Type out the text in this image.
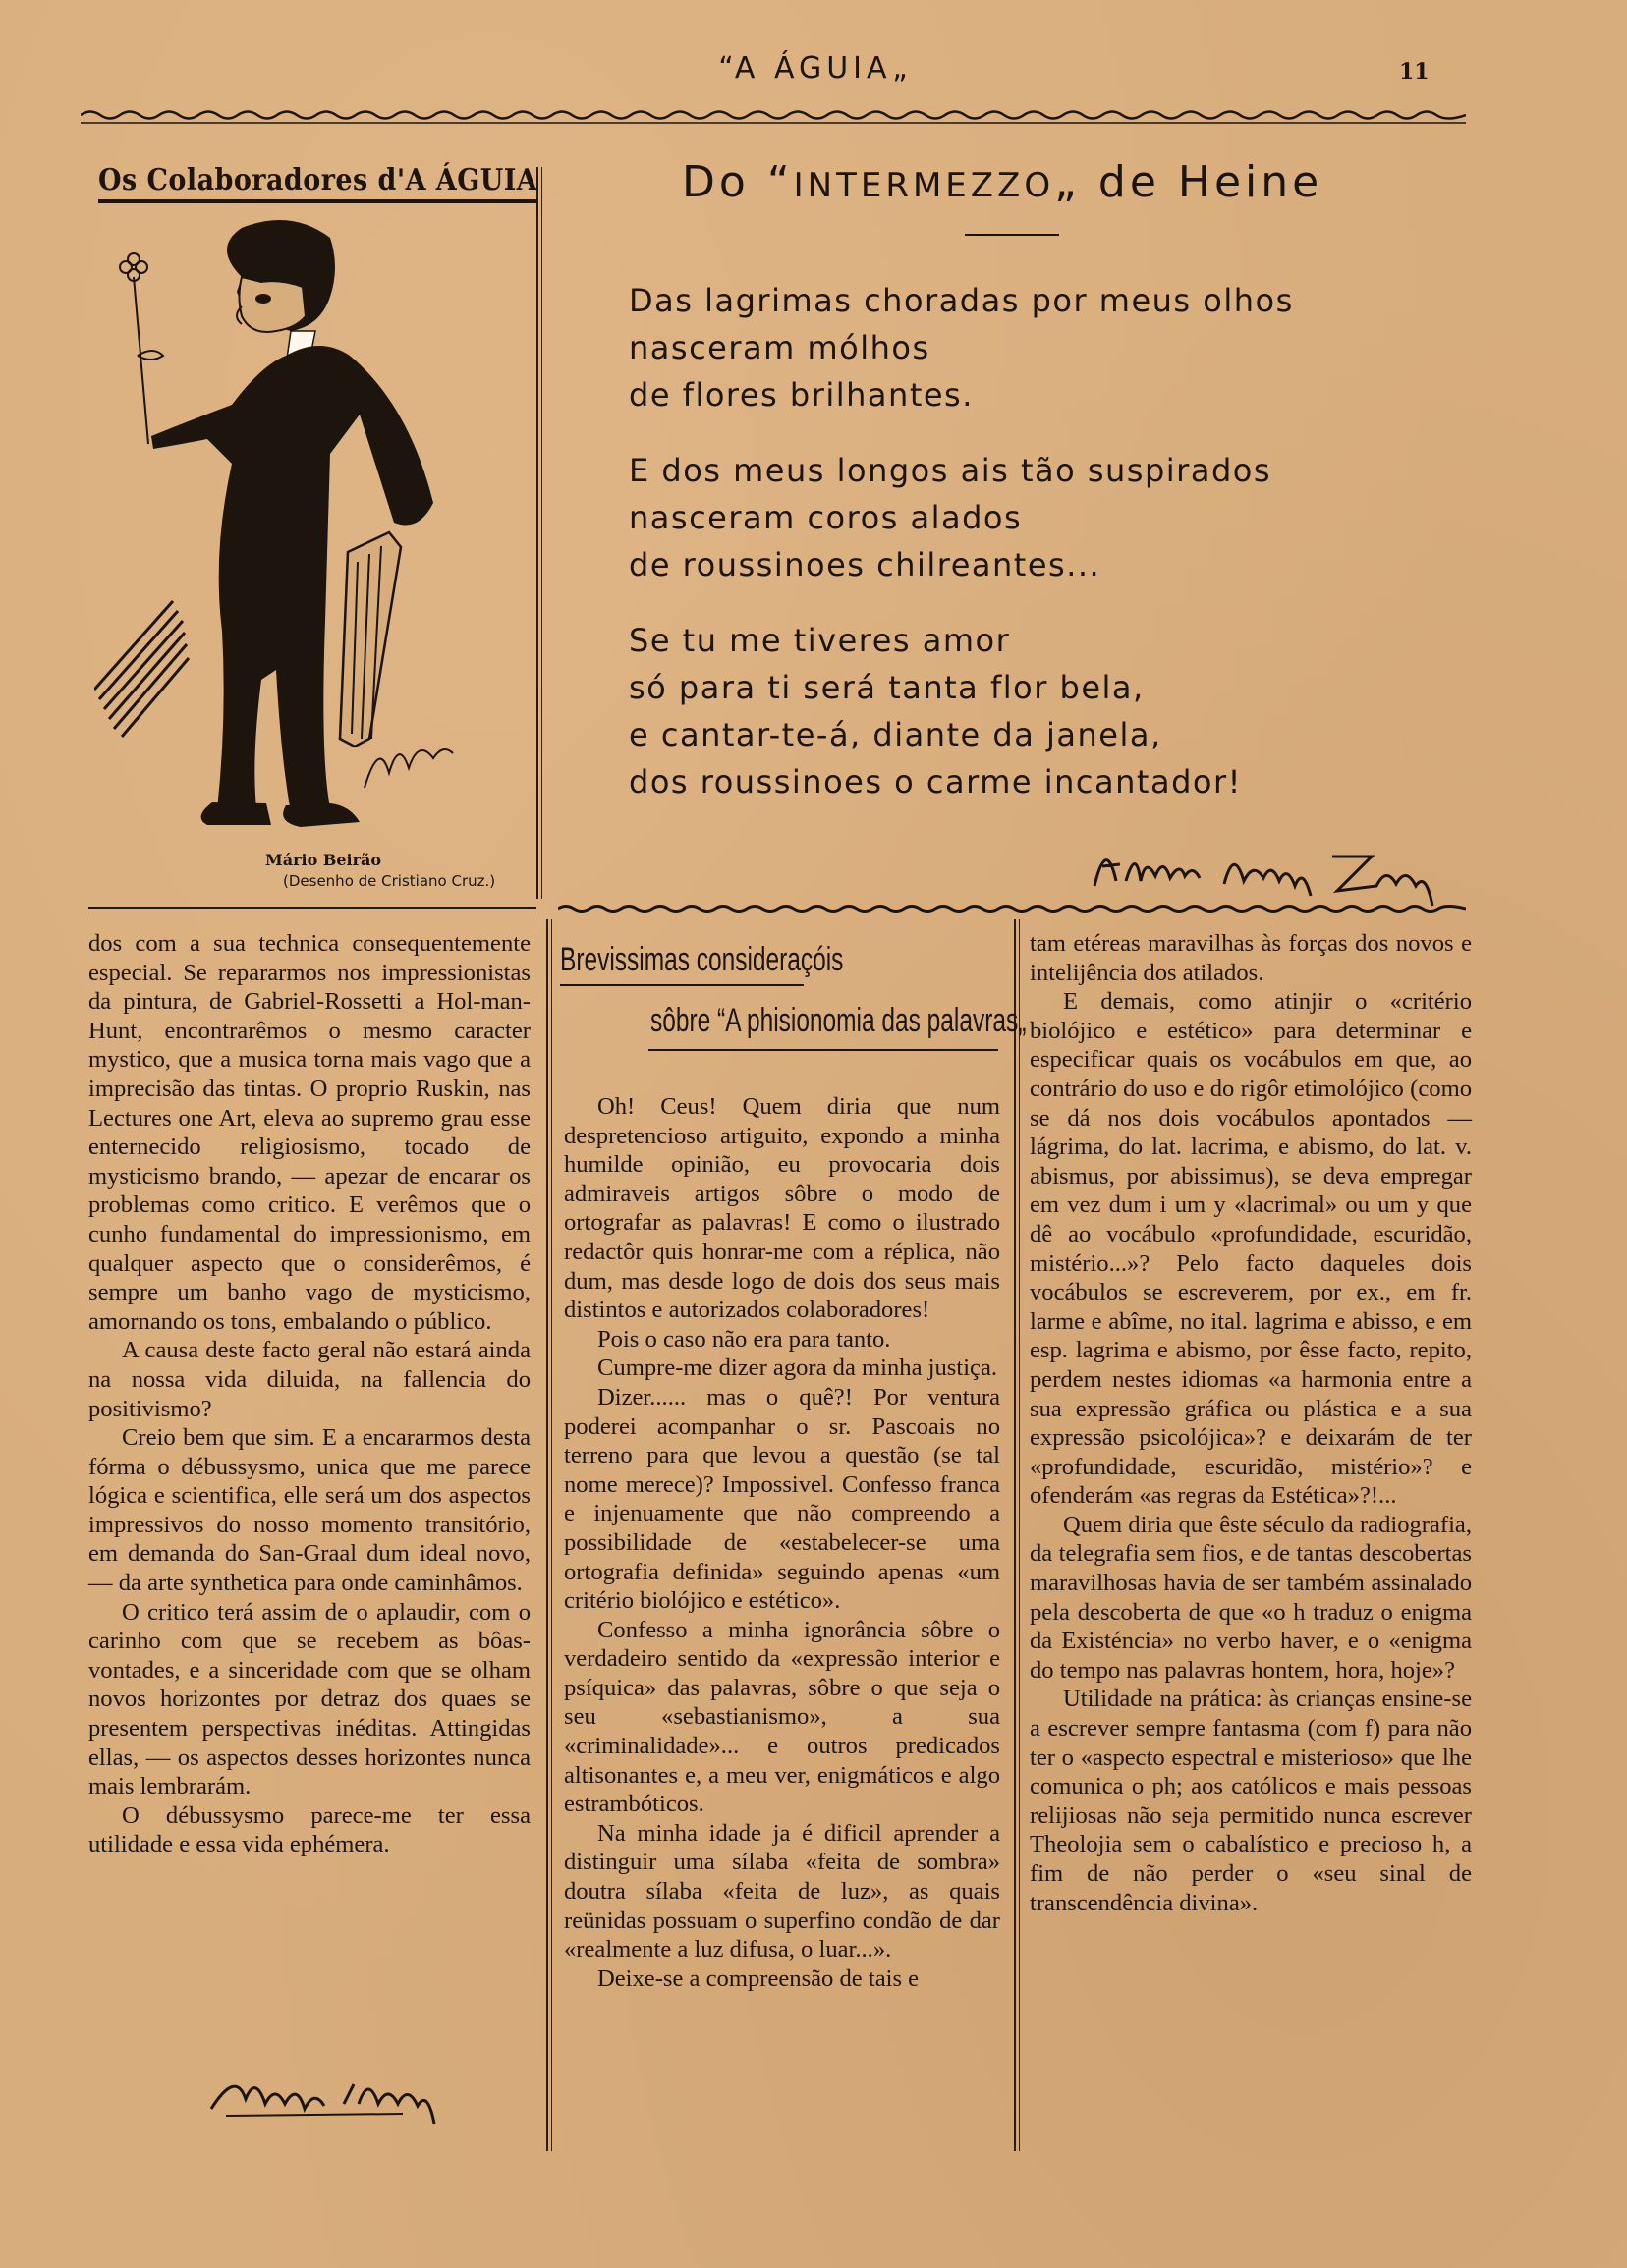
“A ÁGUIA„	11
Os Colaboradores d'A ÁGUIA
Mário Beirão
(Desenho de Cristiano Cruz.)
Do “INTERMEZZO„ de Heine

Das lagrimas choradas por meus olhos

nasceram mólhos

de flores brilhantes.

E dos meus longos ais tão suspirados

nasceram coros alados

de roussinoes chilreantes...

Se tu me tiveres amor

só para ti será tanta flor bela,

e cantar-te-á, diante da janela,

dos roussinoes o carme incantador!

dos com a sua technica consequentemente especial. Se repararmos nos impressionistas da pintura, de Gabriel-Rossetti a Hol-man-Hunt, encontrarêmos o mesmo caracter mystico, que a musica torna mais vago que a imprecisão das tintas. O proprio Ruskin, nas Lectures one Art, eleva ao supremo grau esse enternecido religiosismo, tocado de mysticismo brando, — apezar de encarar os problemas como critico. E verêmos que o cunho fundamental do impressionismo, em qualquer aspecto que o considerêmos, é sempre um banho vago de mysticismo, amornando os tons, embalando o público.

A causa deste facto geral não estará ainda na nossa vida diluida, na fallencia do positivismo?

Creio bem que sim. E a encararmos desta fórma o débussysmo, unica que me parece lógica e scientifica, elle será um dos aspectos impressivos do nosso momento transitório, em demanda do San-Graal dum ideal novo, — da arte synthetica para onde caminhâmos.

O critico terá assim de o aplaudir, com o carinho com que se recebem as bôas-vontades, e a sinceridade com que se olham novos horizontes por detraz dos quaes se presentem perspectivas inéditas. Attingidas ellas, — os aspectos desses horizontes nunca mais lembrarám.

O débussysmo parece-me ter essa utilidade e essa vida ephémera.

Brevissimas consideraçóis
sôbre “A phisionomia das palavras„

Oh! Ceus! Quem diria que num despretencioso artiguito, expondo a minha humilde opinião, eu provocaria dois admiraveis artigos sôbre o modo de ortografar as palavras! E como o ilustrado redactôr quis honrar-me com a réplica, não dum, mas desde logo de dois dos seus mais distintos e autorizados colaboradores!

Pois o caso não era para tanto.

Cumpre-me dizer agora da minha justiça.

Dizer...... mas o quê?! Por ventura poderei acompanhar o sr. Pascoais no terreno para que levou a questão (se tal nome merece)? Impossivel. Confesso franca e injenuamente que não compreendo a possibilidade de «estabelecer-se uma ortografia definida» seguindo apenas «um critério biolójico e estético».

Confesso a minha ignorância sôbre o verdadeiro sentido da «expressão interior e psíquica» das palavras, sôbre o que seja o seu «sebastianismo», a sua «criminalidade»... e outros predicados altisonantes e, a meu ver, enigmáticos e algo estrambóticos.

Na minha idade ja é dificil aprender a distinguir uma sílaba «feita de sombra» doutra sílaba «feita de luz», as quais reünidas possuam o superfino condão de dar «realmente a luz difusa, o luar...».

Deixe-se a compreensão de tais e

tam etéreas maravilhas às forças dos novos e intelijência dos atilados.

E demais, como atinjir o «critério biolójico e estético» para determinar e especificar quais os vocábulos em que, ao contrário do uso e do rigôr etimolójico (como se dá nos dois vocábulos apontados — lágrima, do lat. lacrima, e abismo, do lat. v. abismus, por abissimus), se deva empregar em vez dum i um y «lacrimal» ou um y que dê ao vocábulo «profundidade, escuridão, mistério...»? Pelo facto daqueles dois vocábulos se escreverem, por ex., em fr. larme e abîme, no ital. lagrima e abisso, e em esp. lagrima e abismo, por êsse facto, repito, perdem nestes idiomas «a harmonia entre a sua expressão gráfica ou plástica e a sua expressão psicolójica»? e deixarám de ter «profundidade, escuridão, mistério»? e ofenderám «as regras da Estética»?!...

Quem diria que êste século da radiografia, da telegrafia sem fios, e de tantas descobertas maravilhosas havia de ser também assinalado pela descoberta de que «o h traduz o enigma da Existéncia» no verbo haver, e o «enigma do tempo nas palavras hontem, hora, hoje»?

Utilidade na prática: às crianças ensine-se a escrever sempre fantasma (com f) para não ter o «aspecto espectral e misterioso» que lhe comunica o ph; aos católicos e mais pessoas relijiosas não seja permitido nunca escrever Theolojia sem o cabalístico e precioso h, a fim de não perder o «seu sinal de transcendência divina».
